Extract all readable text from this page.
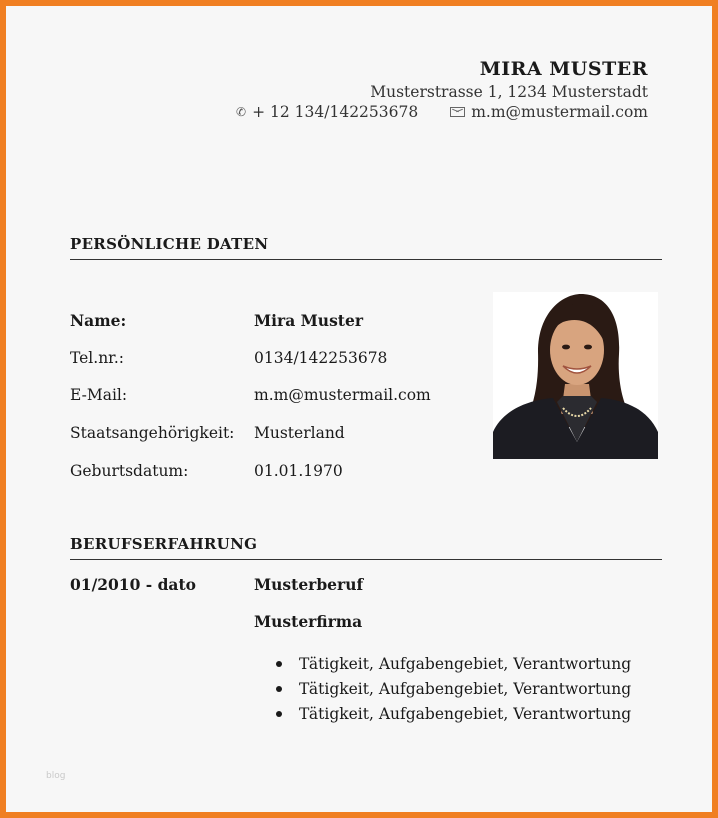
MIRA MUSTER
Musterstrasse 1, 1234 Musterstadt
✆ + 12 134/142253678	m.m@mustermail.com
PERSÖNLICHE DATEN
Name:	Mira Muster
Tel.nr.:	0134/142253678
E-Mail:	m.m@mustermail.com
Staatsangehörigkeit:	Musterland
Geburtsdatum:	01.01.1970
BERUFSERFAHRUNG
01/2010 - dato	Musterberuf
Musterfirma
Tätigkeit, Aufgabengebiet, Verantwortung
Tätigkeit, Aufgabengebiet, Verantwortung
Tätigkeit, Aufgabengebiet, Verantwortung
blog
